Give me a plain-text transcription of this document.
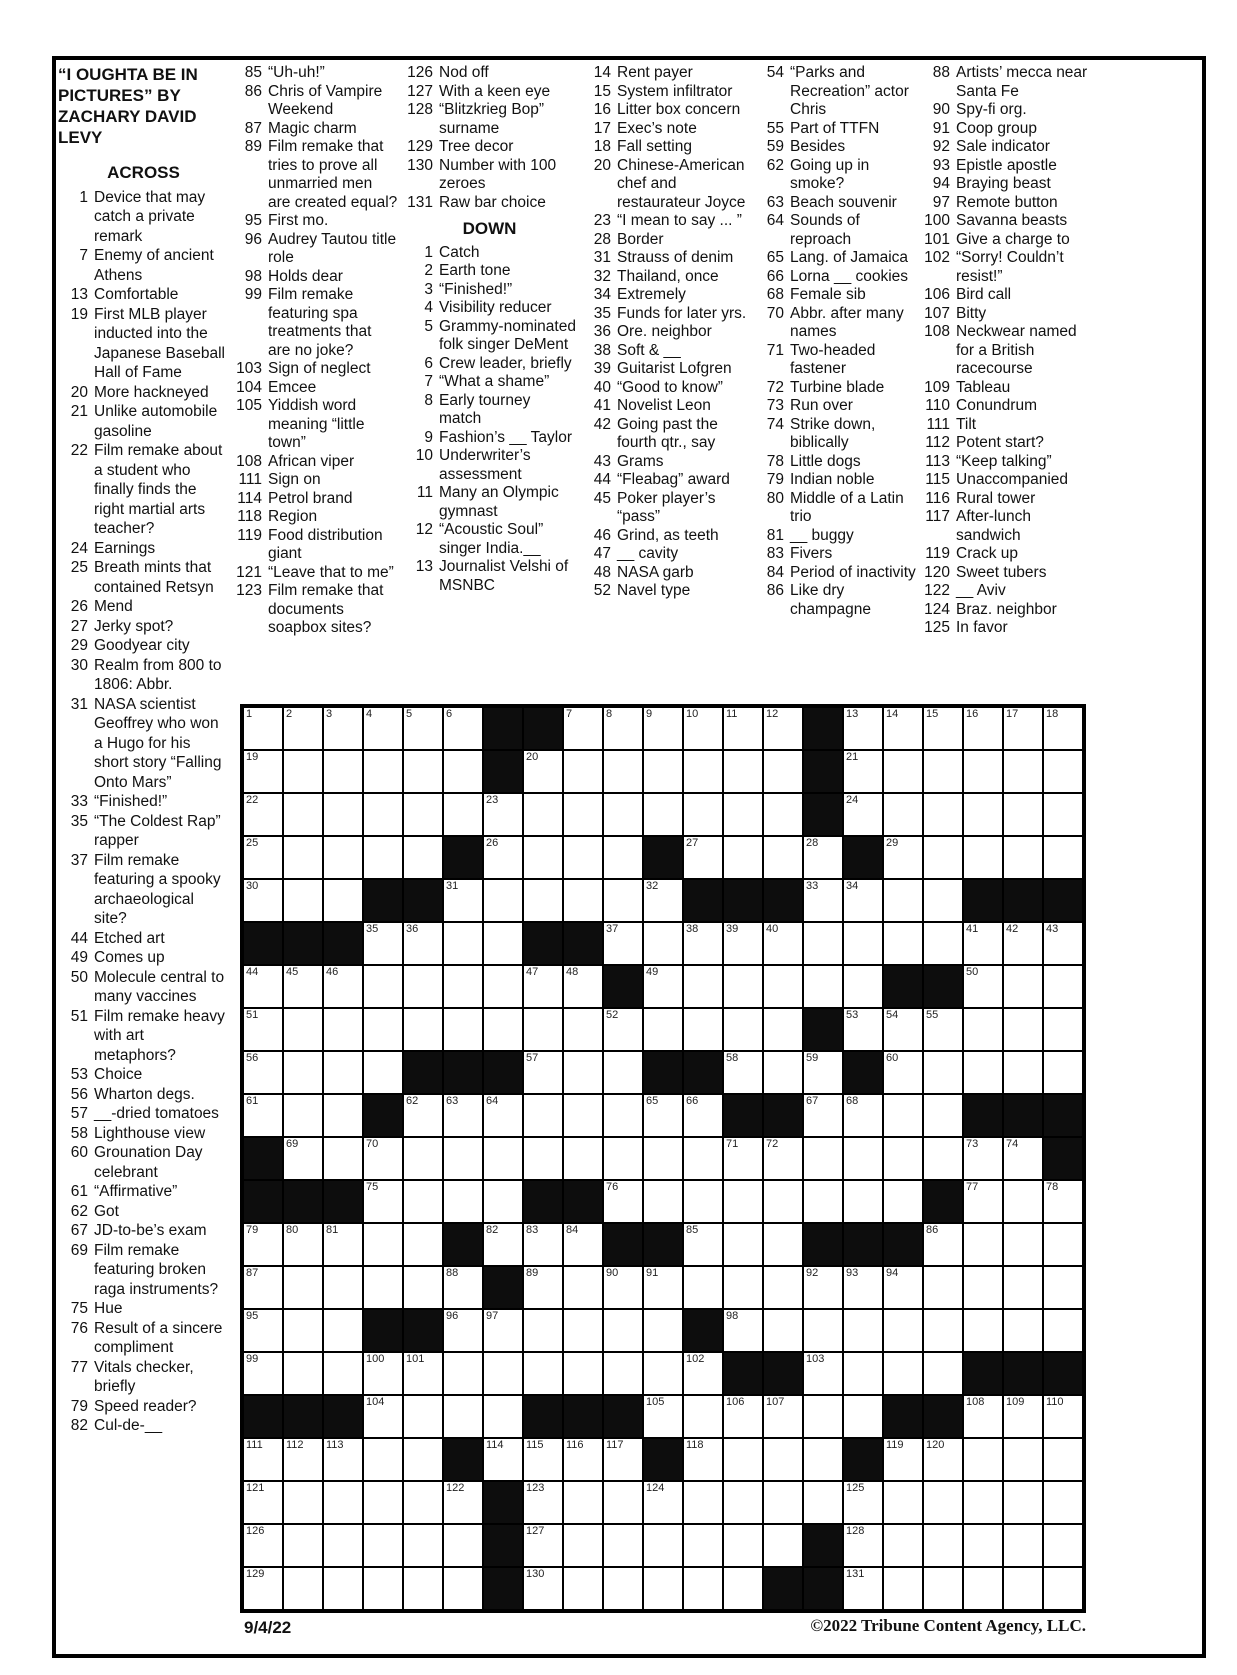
“I OUGHTA BE IN PICTURES” BY ZACHARY DAVID LEVY
ACROSS
1 Device that may catch a private remark
7 Enemy of ancient Athens
13 Comfortable
19 First MLB player inducted into the Japanese Baseball Hall of Fame
20 More hackneyed
21 Unlike automobile gasoline
22 Film remake about a student who finally finds the right martial arts teacher?
24 Earnings
25 Breath mints that contained Retsyn
26 Mend
27 Jerky spot?
29 Goodyear city
30 Realm from 800 to 1806: Abbr.
31 NASA scientist Geoffrey who won a Hugo for his short story “Falling Onto Mars”
33 “Finished!”
35 “The Coldest Rap” rapper
37 Film remake featuring a spooky archaeological site?
44 Etched art
49 Comes up
50 Molecule central to many vaccines
51 Film remake heavy with art metaphors?
53 Choice
56 Wharton degs.
57 __-dried tomatoes
58 Lighthouse view
60 Grounation Day celebrant
61 “Affirmative”
62 Got
67 JD-to-be’s exam
69 Film remake featuring broken raga instruments?
75 Hue
76 Result of a sincere compliment
77 Vitals checker, briefly
79 Speed reader?
82 Cul-de-__
85 “Uh-uh!”
86 Chris of Vampire Weekend
87 Magic charm
89 Film remake that tries to prove all unmarried men are created equal?
95 First mo.
96 Audrey Tautou title role
98 Holds dear
99 Film remake featuring spa treatments that are no joke?
103 Sign of neglect
104 Emcee
105 Yiddish word meaning “little town”
108 African viper
111 Sign on
114 Petrol brand
118 Region
119 Food distribution giant
121 “Leave that to me”
123 Film remake that documents soapbox sites?
126 Nod off
127 With a keen eye
128 “Blitzkrieg Bop” surname
129 Tree decor
130 Number with 100 zeroes
131 Raw bar choice
DOWN
1 Catch
2 Earth tone
3 “Finished!”
4 Visibility reducer
5 Grammy-nominated folk singer DeMent
6 Crew leader, briefly
7 “What a shame”
8 Early tourney match
9 Fashion’s __ Taylor
10 Underwriter’s assessment
11 Many an Olympic gymnast
12 “Acoustic Soul” singer India.__
13 Journalist Velshi of MSNBC
14 Rent payer
15 System infiltrator
16 Litter box concern
17 Exec’s note
18 Fall setting
20 Chinese-American chef and restaurateur Joyce
23 “I mean to say ... ”
28 Border
31 Strauss of denim
32 Thailand, once
34 Extremely
35 Funds for later yrs.
36 Ore. neighbor
38 Soft & __
39 Guitarist Lofgren
40 “Good to know”
41 Novelist Leon
42 Going past the fourth qtr., say
43 Grams
44 “Fleabag” award
45 Poker player’s “pass”
46 Grind, as teeth
47 __ cavity
48 NASA garb
52 Navel type
54 “Parks and Recreation” actor Chris
55 Part of TTFN
59 Besides
62 Going up in smoke?
63 Beach souvenir
64 Sounds of reproach
65 Lang. of Jamaica
66 Lorna __ cookies
68 Female sib
70 Abbr. after many names
71 Two-headed fastener
72 Turbine blade
73 Run over
74 Strike down, biblically
78 Little dogs
79 Indian noble
80 Middle of a Latin trio
81 __ buggy
83 Fivers
84 Period of inactivity
86 Like dry champagne
88 Artists’ mecca near Santa Fe
90 Spy-fi org.
91 Coop group
92 Sale indicator
93 Epistle apostle
94 Braying beast
97 Remote button
100 Savanna beasts
101 Give a charge to
102 “Sorry! Couldn’t resist!”
106 Bird call
107 Bitty
108 Neckwear named for a British racecourse
109 Tableau
110 Conundrum
111 Tilt
112 Potent start?
113 “Keep talking”
115 Unaccompanied
116 Rural tower
117 After-lunch sandwich
119 Crack up
120 Sweet tubers
122 __ Aviv
124 Braz. neighbor
125 In favor
1	2	3	4	5	6	7	8	9	10	11	12	13	14	15	16	17	18
19	20	21
22	23	24
25	26	27	28	29
30	31	32	33	34
35	36	37	38	39	40	41	42	43
44	45	46	47	48	49	50
51	52	53	54	55
56	57	58	59	60
61	62	63	64	65	66	67	68
69	70	71	72	73	74
75	76	77	78
79	80	81	82	83	84	85	86
87	88	89	90	91	92	93	94
95	96	97	98
99	100 101	102	103
104	105	106 107	108 109 110
111 112 113	114 115 116 117	118	119 120
121	122	123	124	125
126	127	128
129	130	131
9/4/22	©2022 Tribune Content Agency, LLC.
